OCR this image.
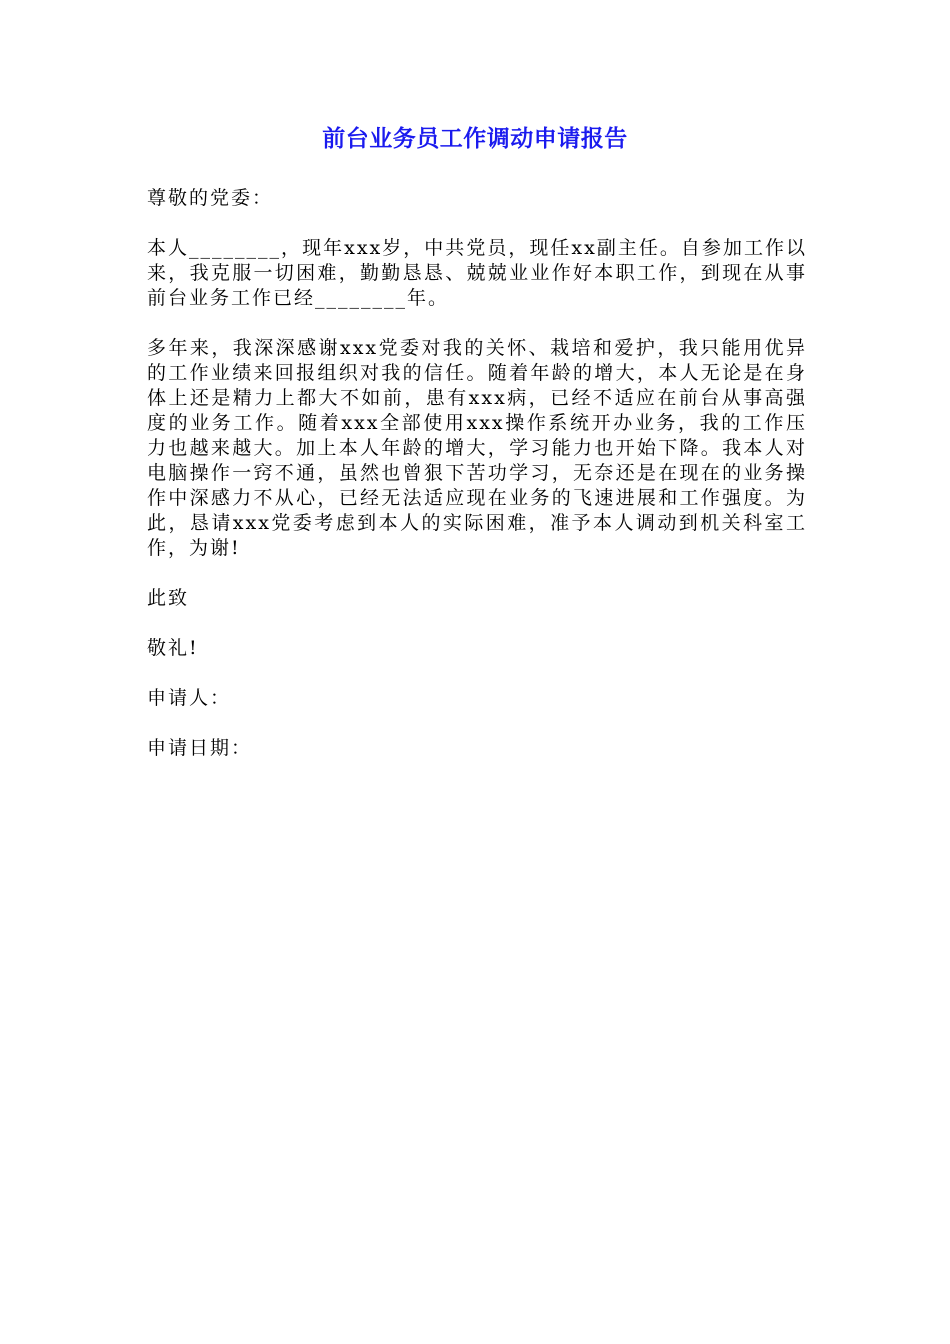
前台业务员工作调动申请报告
尊敬的党委：
本人________，现年xxx岁，中共党员，现任xx副主任。自参加工作以来，我克服一切困难，勤勤恳恳、兢兢业业作好本职工作，到现在从事前台业务工作已经________年。
多年来，我深深感谢xxx党委对我的关怀、栽培和爱护，我只能用优异的工作业绩来回报组织对我的信任。随着年龄的增大，本人无论是在身体上还是精力上都大不如前，患有xxx病，已经不适应在前台从事高强度的业务工作。随着xxx全部使用xxx操作系统开办业务，我的工作压力也越来越大。加上本人年龄的增大，学习能力也开始下降。我本人对电脑操作一窍不通，虽然也曾狠下苦功学习，无奈还是在现在的业务操作中深感力不从心，已经无法适应现在业务的飞速进展和工作强度。为此，恳请xxx党委考虑到本人的实际困难，准予本人调动到机关科室工作，为谢!
此致
敬礼!
申请人：
申请日期：
